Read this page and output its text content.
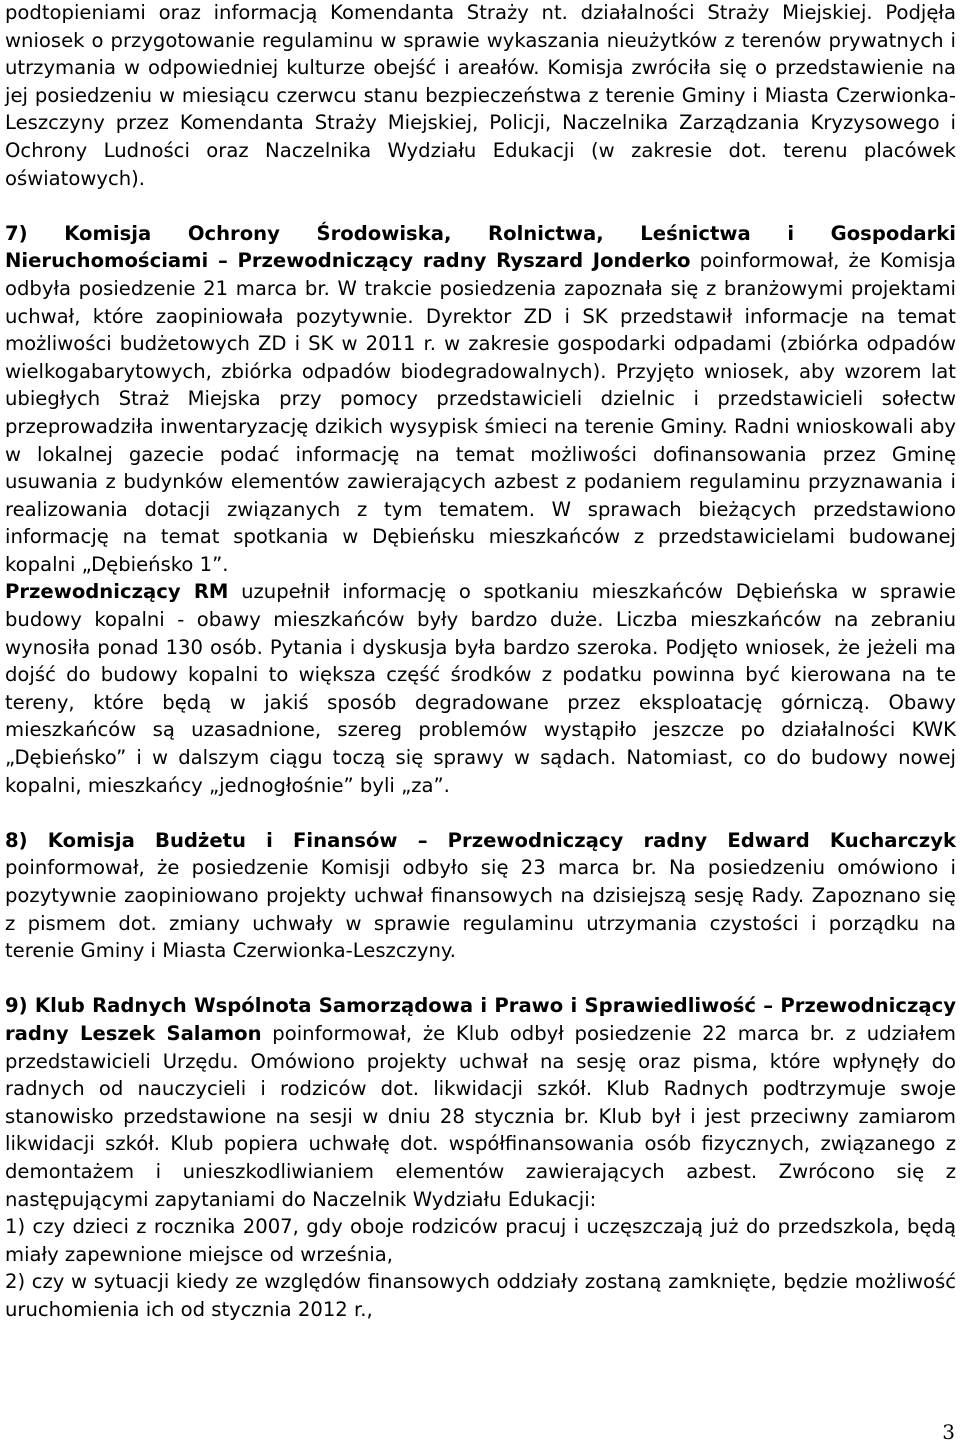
podtopieniami oraz informacją Komendanta Straży nt. działalności Straży Miejskiej. Podjęła wniosek o przygotowanie regulaminu w sprawie wykaszania nieużytków z terenów prywatnych i utrzymania w odpowiedniej kulturze obejść i areałów. Komisja zwróciła się o przedstawienie na jej posiedzeniu w miesiącu czerwcu stanu bezpieczeństwa z terenie Gminy i Miasta Czerwionka-Leszczyny przez Komendanta Straży Miejskiej, Policji, Naczelnika Zarządzania Kryzysowego i Ochrony Ludności oraz Naczelnika Wydziału Edukacji (w zakresie dot. terenu placówek oświatowych).

7) Komisja Ochrony Środowiska, Rolnictwa, Leśnictwa i Gospodarki Nieruchomościami – Przewodniczący radny Ryszard Jonderko poinformował, że Komisja odbyła posiedzenie 21 marca br. W trakcie posiedzenia zapoznała się z branżowymi projektami uchwał, które zaopiniowała pozytywnie. Dyrektor ZD i SK przedstawił informacje na temat możliwości budżetowych ZD i SK w 2011 r. w zakresie gospodarki odpadami (zbiórka odpadów wielkogabarytowych, zbiórka odpadów biodegradowalnych). Przyjęto wniosek, aby wzorem lat ubiegłych Straż Miejska przy pomocy przedstawicieli dzielnic i przedstawicieli sołectw przeprowadziła inwentaryzację dzikich wysypisk śmieci na terenie Gminy. Radni wnioskowali aby w lokalnej gazecie podać informację na temat możliwości dofinansowania przez Gminę usuwania z budynków elementów zawierających azbest z podaniem regulaminu przyznawania i realizowania dotacji związanych z tym tematem. W sprawach bieżących przedstawiono informację na temat spotkania w Dębieńsku mieszkańców z przedstawicielami budowanej kopalni „Dębieńsko 1”.

Przewodniczący RM uzupełnił informację o spotkaniu mieszkańców Dębieńska w sprawie budowy kopalni - obawy mieszkańców były bardzo duże. Liczba mieszkańców na zebraniu wynosiła ponad 130 osób. Pytania i dyskusja była bardzo szeroka. Podjęto wniosek, że jeżeli ma dojść do budowy kopalni to większa część środków z podatku powinna być kierowana na te tereny, które będą w jakiś sposób degradowane przez eksploatację górniczą. Obawy mieszkańców są uzasadnione, szereg problemów wystąpiło jeszcze po działalności KWK „Dębieńsko” i w dalszym ciągu toczą się sprawy w sądach. Natomiast, co do budowy nowej kopalni, mieszkańcy „jednogłośnie” byli „za”.

8) Komisja Budżetu i Finansów – Przewodniczący radny Edward Kucharczyk poinformował, że posiedzenie Komisji odbyło się 23 marca br. Na posiedzeniu omówiono i pozytywnie zaopiniowano projekty uchwał finansowych na dzisiejszą sesję Rady. Zapoznano się z pismem dot. zmiany uchwały w sprawie regulaminu utrzymania czystości i porządku na terenie Gminy i Miasta Czerwionka-Leszczyny.

9) Klub Radnych Wspólnota Samorządowa i Prawo i Sprawiedliwość – Przewodniczący radny Leszek Salamon poinformował, że Klub odbył posiedzenie 22 marca br. z udziałem przedstawicieli Urzędu. Omówiono projekty uchwał na sesję oraz pisma, które wpłynęły do radnych od nauczycieli i rodziców dot. likwidacji szkół. Klub Radnych podtrzymuje swoje stanowisko przedstawione na sesji w dniu 28 stycznia br. Klub był i jest przeciwny zamiarom likwidacji szkół. Klub popiera uchwałę dot. współfinansowania osób fizycznych, związanego z demontażem i unieszkodliwianiem elementów zawierających azbest. Zwrócono się z następującymi zapytaniami do Naczelnik Wydziału Edukacji:

1) czy dzieci z rocznika 2007, gdy oboje rodziców pracuj i uczęszczają już do przedszkola, będą miały zapewnione miejsce od września,

2) czy w sytuacji kiedy ze względów finansowych oddziały zostaną zamknięte, będzie możliwość uruchomienia ich od stycznia 2012 r.,

3
